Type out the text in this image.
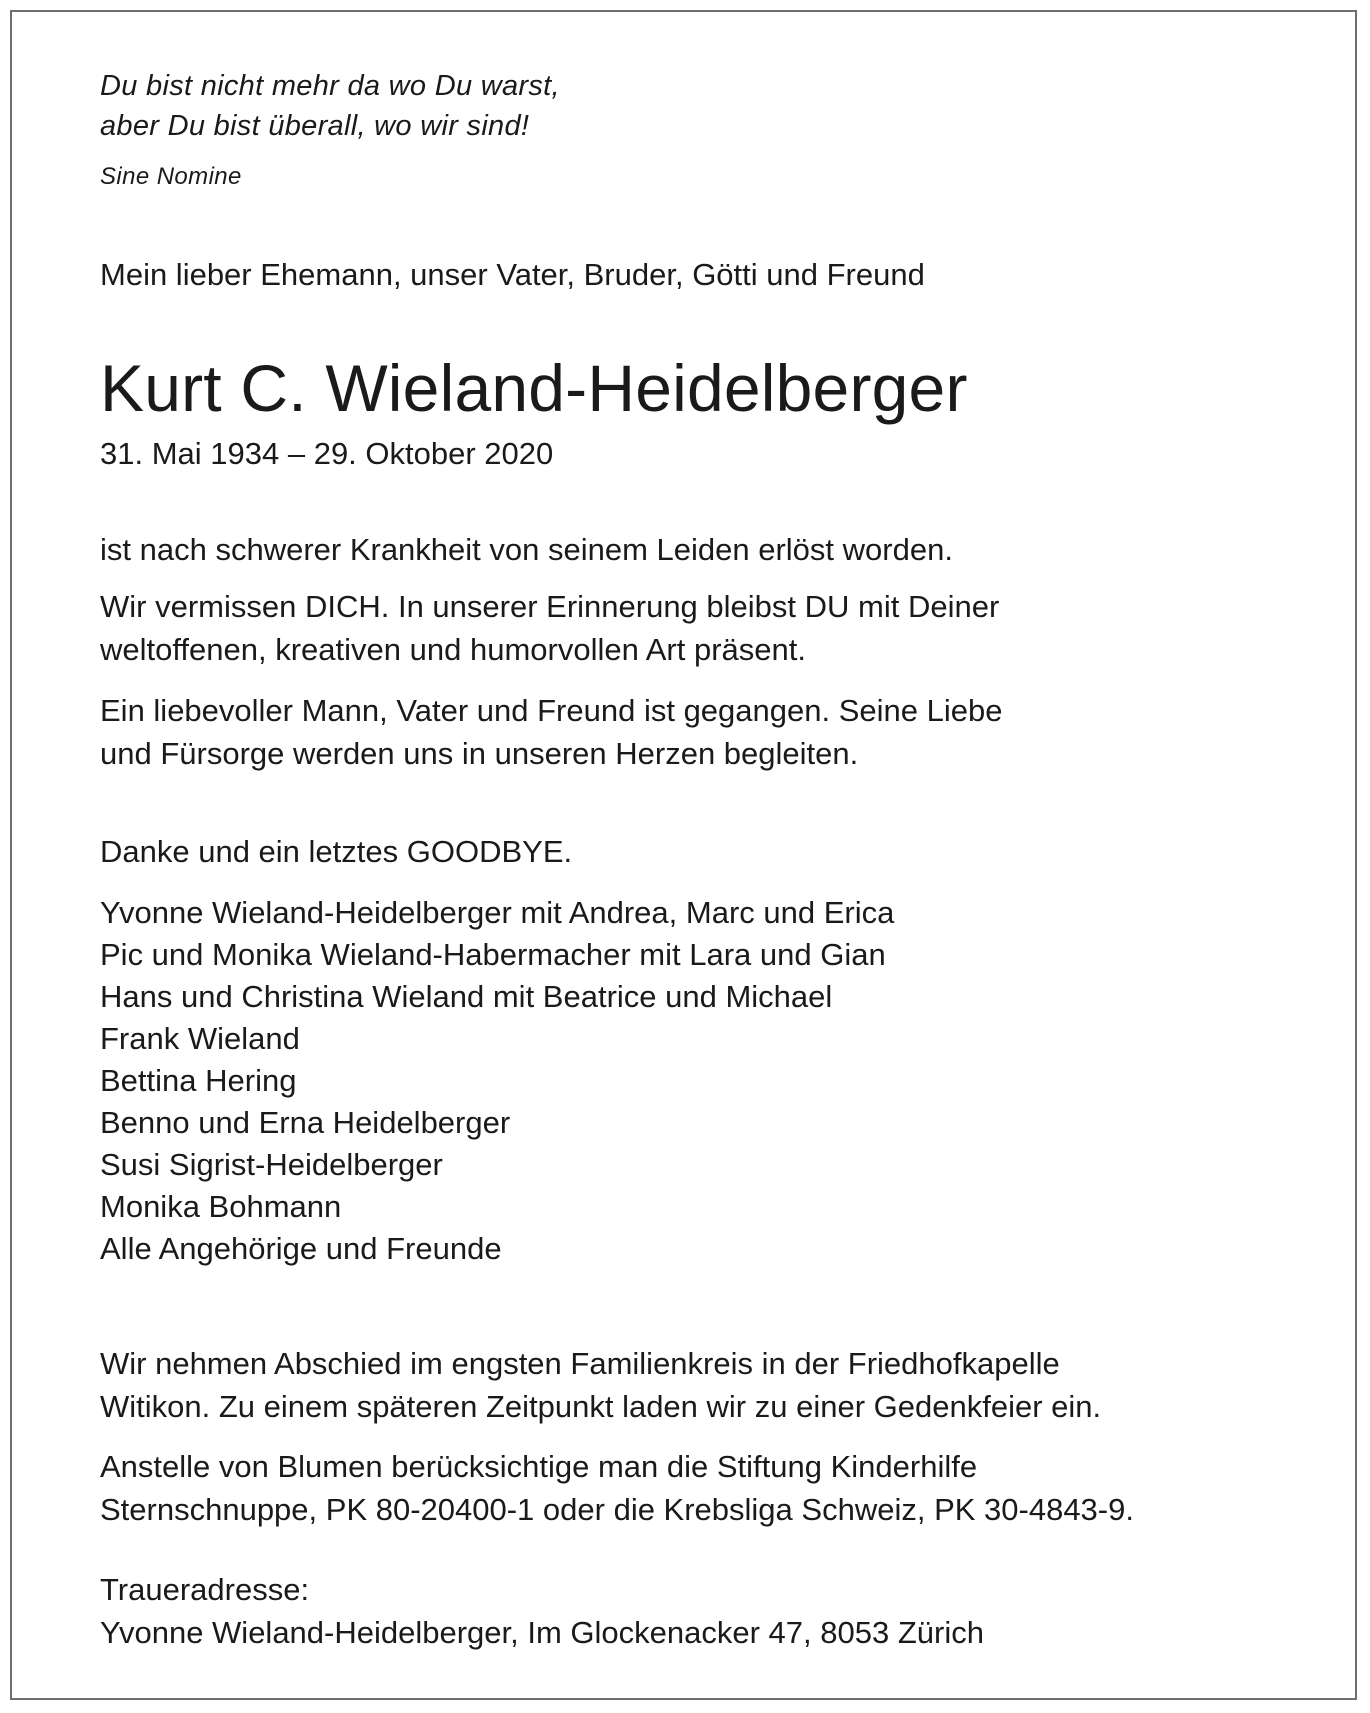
Du bist nicht mehr da wo Du warst,
aber Du bist überall, wo wir sind!
Sine Nomine
Mein lieber Ehemann, unser Vater, Bruder, Götti und Freund
Kurt C. Wieland-Heidelberger
31. Mai 1934 – 29. Oktober 2020
ist nach schwerer Krankheit von seinem Leiden erlöst worden.
Wir vermissen DICH. In unserer Erinnerung bleibst DU mit Deiner
weltoffenen, kreativen und humorvollen Art präsent.
Ein liebevoller Mann, Vater und Freund ist gegangen. Seine Liebe
und Fürsorge werden uns in unseren Herzen begleiten.
Danke und ein letztes GOODBYE.
Yvonne Wieland-Heidelberger mit Andrea, Marc und Erica
Pic und Monika Wieland-Habermacher mit Lara und Gian
Hans und Christina Wieland mit Beatrice und Michael
Frank Wieland
Bettina Hering
Benno und Erna Heidelberger
Susi Sigrist-Heidelberger
Monika Bohmann
Alle Angehörige und Freunde
Wir nehmen Abschied im engsten Familienkreis in der Friedhofkapelle
Witikon. Zu einem späteren Zeitpunkt laden wir zu einer Gedenkfeier ein.
Anstelle von Blumen berücksichtige man die Stiftung Kinderhilfe
Sternschnuppe, PK 80-20400-1 oder die Krebsliga Schweiz, PK 30-4843-9.
Traueradresse:
Yvonne Wieland-Heidelberger, Im Glockenacker 47, 8053 Zürich
